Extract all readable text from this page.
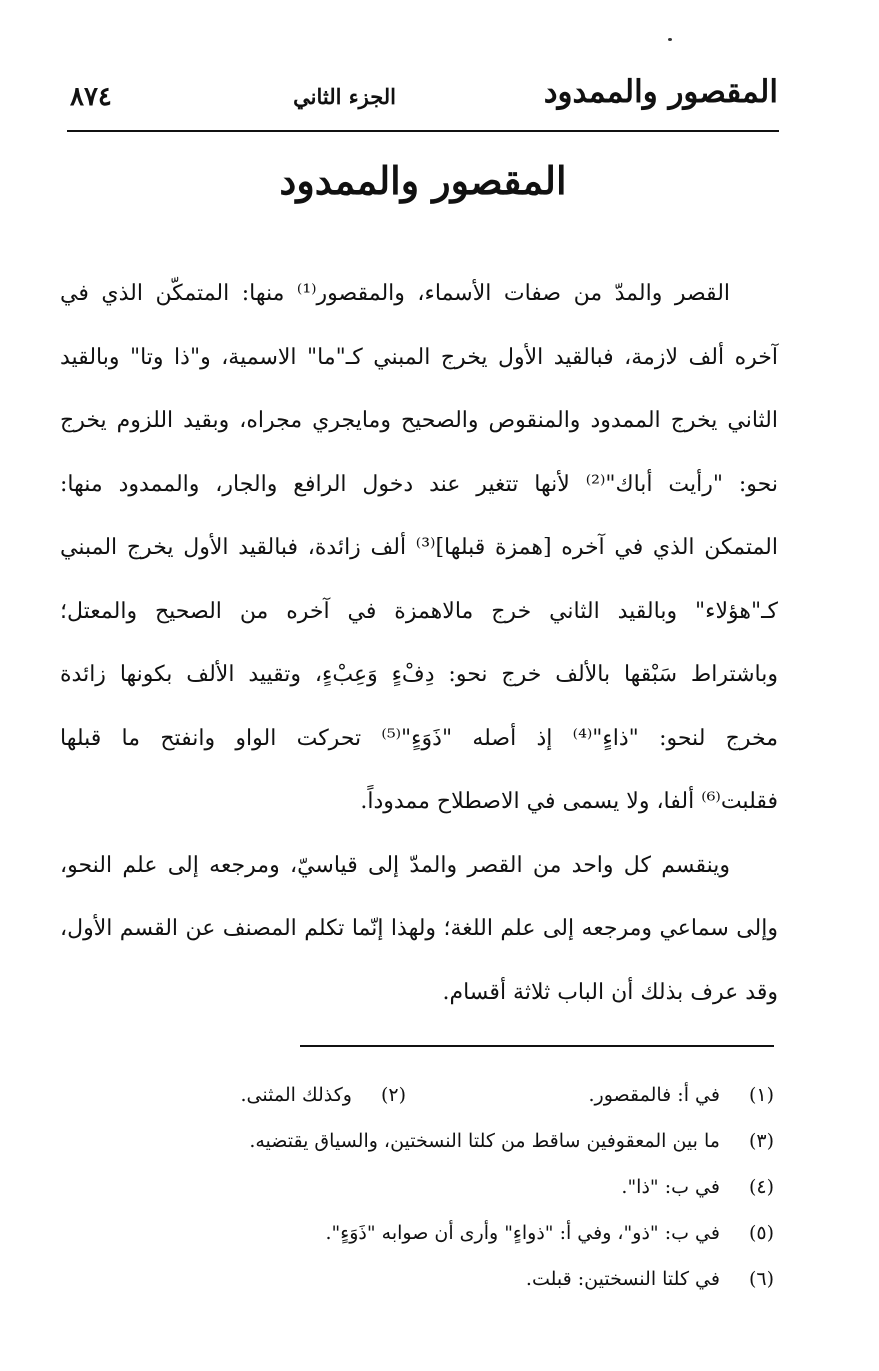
المقصور والممدود
الجزء الثاني
٨٧٤
المقصور والممدود
القصر والمدّ من صفات الأسماء، والمقصور⁽¹⁾ منها: المتمكّن الذي في
آخره ألف لازمة، فبالقيد الأول يخرج المبني كـ"ما" الاسمية، و"ذا وتا" وبالقيد
الثاني يخرج الممدود والمنقوص والصحيح ومايجري مجراه، وبقيد اللزوم يخرج
نحو: "رأيت أباك"⁽²⁾ لأنها تتغير عند دخول الرافع والجار، والممدود منها:
المتمكن الذي في آخره [همزة قبلها]⁽³⁾ ألف زائدة، فبالقيد الأول يخرج المبني
كـ"هؤلاء" وبالقيد الثاني خرج مالاهمزة في آخره من الصحيح والمعتل؛
وباشتراط سَبْقها بالألف خرج نحو: دِفْءٍ وَعِبْءٍ، وتقييد الألف بكونها زائدة
مخرج لنحو: "ذاءٍ"⁽⁴⁾ إذ أصله "ذَوَءٍ"⁽⁵⁾ تحركت الواو وانفتح ما قبلها
فقلبت⁽⁶⁾ ألفا، ولا يسمى في الاصطلاح ممدوداً.
وينقسم كل واحد من القصر والمدّ إلى قياسيّ، ومرجعه إلى علم النحو،
وإلى سماعي ومرجعه إلى علم اللغة؛ ولهذا إنّما تكلم المصنف عن القسم الأول،
وقد عرف بذلك أن الباب ثلاثة أقسام.
(١) في أ: فالمقصور.
(٢) وكذلك المثنى.
(٣) ما بين المعقوفين ساقط من كلتا النسختين، والسياق يقتضيه.
(٤) في ب: "ذا".
(٥) في ب: "ذو"، وفي أ: "ذواءٍ" وأرى أن صوابه "ذَوَءٍ".
(٦) في كلتا النسختين: قبلت.
